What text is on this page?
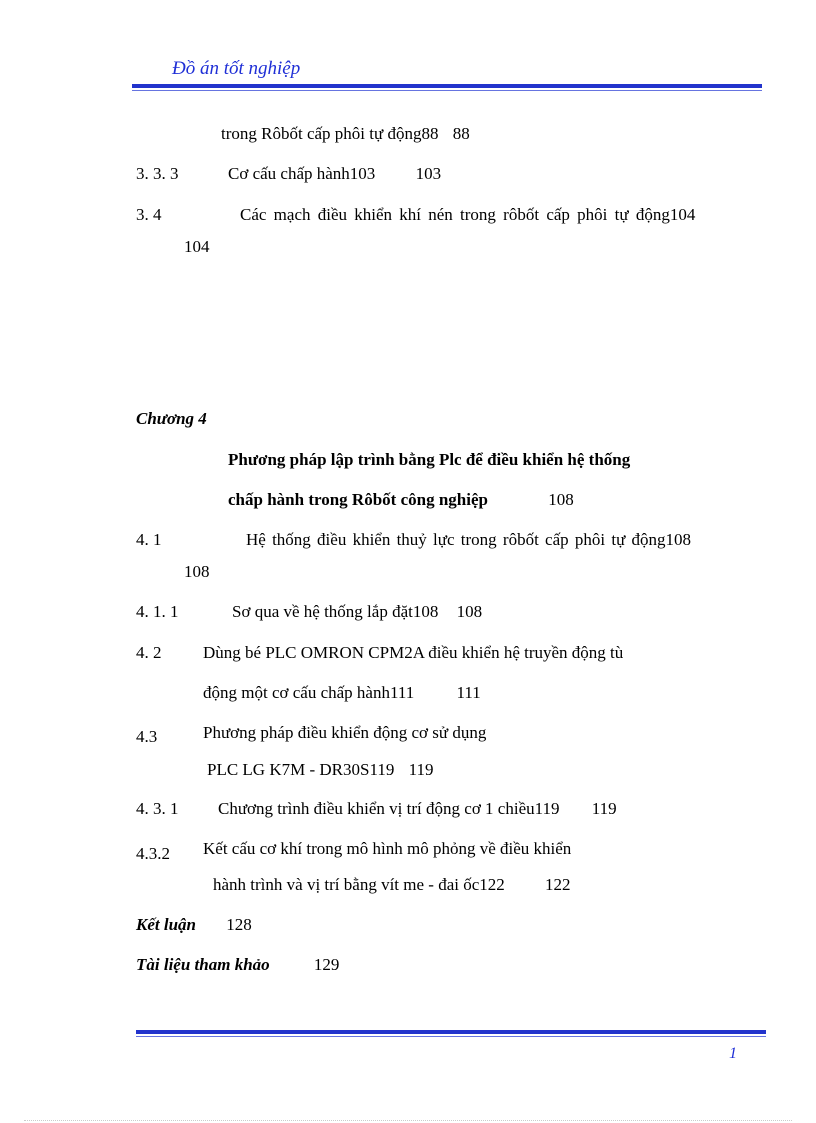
Đồ án tốt nghiệp
trong Rôbốt cấp phôi tự động88 88
3. 3. 3	Cơ cấu chấp hành103 103
3. 4	Các mạch điều khiển khí nén trong rôbốt cấp phôi tự động104
104
Chương 4
Phương pháp lập trình bằng Plc để điều khiển hệ thống
chấp hành trong Rôbốt công nghiệp	108
4. 1	Hệ thống điều khiển thuỷ lực trong rôbốt cấp phôi tự động108
108
4. 1. 1	Sơ qua về hệ thống lắp đặt108 108
4. 2 Dùng bé PLC OMRON CPM2A điều khiển hệ truyền động tù
động một cơ cấu chấp hành111 111
4.3	Phương pháp điều khiển động cơ sử dụng
PLC LG K7M - DR30S119 119
4. 3. 1 Chương trình điều khiển vị trí động cơ 1 chiều119 119
4.3.2 Kết cấu cơ khí trong mô hình mô phỏng về điều khiển
hành trình và vị trí bằng vít me - đai ốc122 122
Kết luận 128
Tài liệu tham khảo	129
1
